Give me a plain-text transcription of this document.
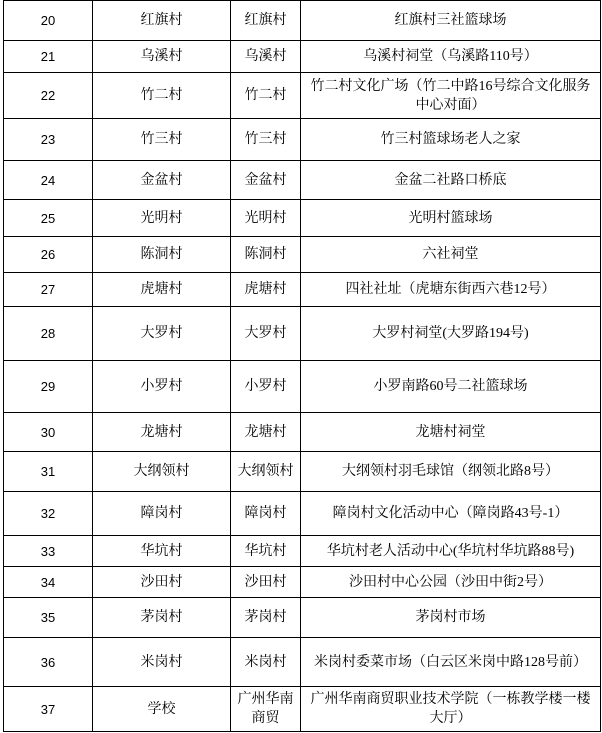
20	红旗村	红旗村	红旗村三社篮球场
21	乌溪村	乌溪村	乌溪村祠堂（乌溪路110号）
22	竹二村	竹二村	竹二村文化广场（竹二中路16号综合文化服务中心对面）
23	竹三村	竹三村	竹三村篮球场老人之家
24	金盆村	金盆村	金盆二社路口桥底
25	光明村	光明村	光明村篮球场
26	陈洞村	陈洞村	六社祠堂
27	虎塘村	虎塘村	四社社址（虎塘东街西六巷12号）
28	大罗村	大罗村	大罗村祠堂(大罗路194号)
29	小罗村	小罗村	小罗南路60号二社篮球场
30	龙塘村	龙塘村	龙塘村祠堂
31	大纲领村	大纲领村	大纲领村羽毛球馆（纲领北路8号）
32	障岗村	障岗村	障岗村文化活动中心（障岗路43号-1）
33	华坑村	华坑村	华坑村老人活动中心(华坑村华坑路88号)
34	沙田村	沙田村	沙田村中心公园（沙田中街2号）
35	茅岗村	茅岗村	茅岗村市场
36	米岗村	米岗村	米岗村委菜市场（白云区米岗中路128号前）
37	学校	广州华南商贸	广州华南商贸职业技术学院（一栋教学楼一楼大厅）
